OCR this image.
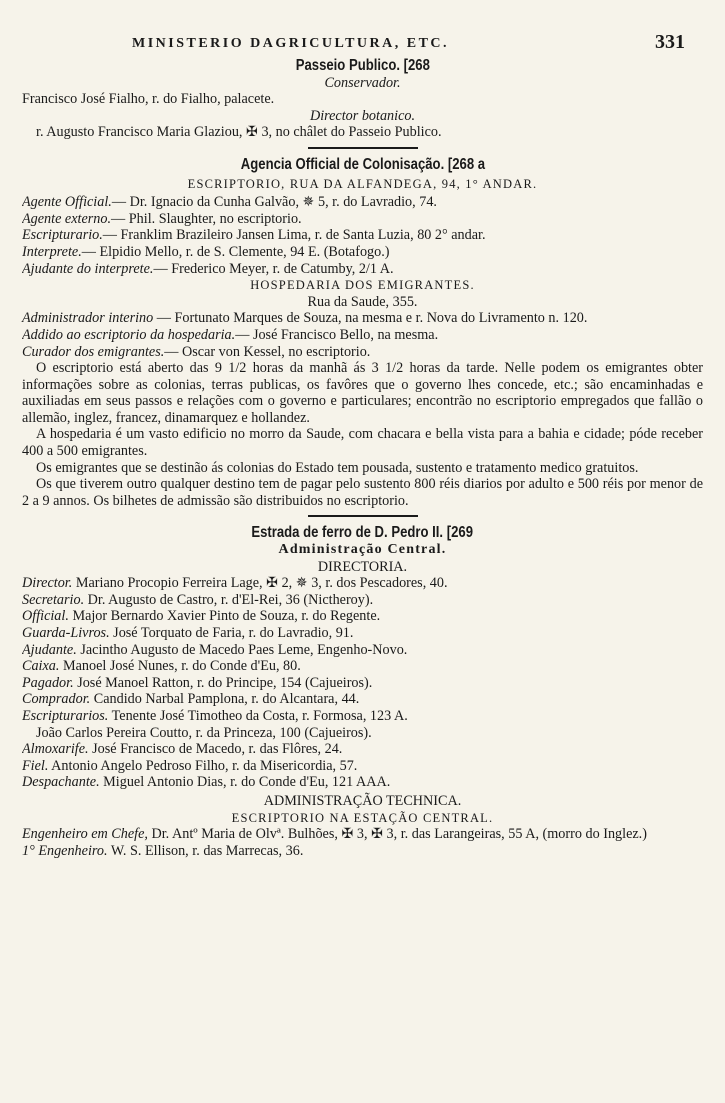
MINISTERIO DAGRICULTURA, ETC.	331
Passeio Publico. [268
Conservador.
Francisco José Fialho, r. do Fialho, palacete.
Director botanico.
r. Augusto Francisco Maria Glaziou, ✠ 3, no châlet do Passeio Publico.
Agencia Official de Colonisação. [268 a
ESCRIPTORIO, RUA DA ALFANDEGA, 94, 1° ANDAR.
Agente Official.— Dr. Ignacio da Cunha Galvão, ✵ 5, r. do Lavradio, 74.
Agente externo.— Phil. Slaughter, no escriptorio.
Escripturario.— Franklim Brazileiro Jansen Lima, r. de Santa Luzia, 80 2° andar.
Interprete.— Elpidio Mello, r. de S. Clemente, 94 E. (Botafogo.)
Ajudante do interprete.— Frederico Meyer, r. de Catumby, 2/1 A.
HOSPEDARIA DOS EMIGRANTES.
Rua da Saude, 355.
Administrador interino — Fortunato Marques de Souza, na mesma e r. Nova do Livramento n. 120.
Addido ao escriptorio da hospedaria.— José Francisco Bello, na mesma.
Curador dos emigrantes.— Oscar von Kessel, no escriptorio.

O escriptorio está aberto das 9 1/2 horas da manhã ás 3 1/2 horas da tarde. Nelle podem os emigrantes obter informações sobre as colonias, terras publicas, os favôres que o governo lhes concede, etc.; são encaminhadas e auxiliadas em seus passos e relações com o governo e particulares; encontrão no escriptorio empregados que fallão o allemão, inglez, francez, dinamarquez e hollandez.

A hospedaria é um vasto edificio no morro da Saude, com chacara e bella vista para a bahia e cidade; póde receber 400 a 500 emigrantes.

Os emigrantes que se destinão ás colonias do Estado tem pousada, sustento e tratamento medico gratuitos.

Os que tiverem outro qualquer destino tem de pagar pelo sustento 800 réis diarios por adulto e 500 réis por menor de 2 a 9 annos. Os bilhetes de admissão são distribuidos no escriptorio.

Estrada de ferro de D. Pedro II. [269
Administração Central.
DIRECTORIA.
Director. Mariano Procopio Ferreira Lage, ✠ 2, ✵ 3, r. dos Pescadores, 40.
Secretario. Dr. Augusto de Castro, r. d'El-Rei, 36 (Nictheroy).
Official. Major Bernardo Xavier Pinto de Souza, r. do Regente.
Guarda-Livros. José Torquato de Faria, r. do Lavradio, 91.
Ajudante. Jacintho Augusto de Macedo Paes Leme, Engenho-Novo.
Caixa. Manoel José Nunes, r. do Conde d'Eu, 80.
Pagador. José Manoel Ratton, r. do Principe, 154 (Cajueiros).
Comprador. Candido Narbal Pamplona, r. do Alcantara, 44.
Escripturarios. Tenente José Timotheo da Costa, r. Formosa, 123 A.
João Carlos Pereira Coutto, r. da Princeza, 100 (Cajueiros).
Almoxarife. José Francisco de Macedo, r. das Flôres, 24.
Fiel. Antonio Angelo Pedroso Filho, r. da Misericordia, 57.
Despachante. Miguel Antonio Dias, r. do Conde d'Eu, 121 AAA.
ADMINISTRAÇÃO TECHNICA.
ESCRIPTORIO NA ESTAÇÃO CENTRAL.
Engenheiro em Chefe, Dr. Antº Maria de Olvª. Bulhões, ✠ 3, ✠ 3, r. das Larangeiras, 55 A, (morro do Inglez.)
1° Engenheiro. W. S. Ellison, r. das Marrecas, 36.
